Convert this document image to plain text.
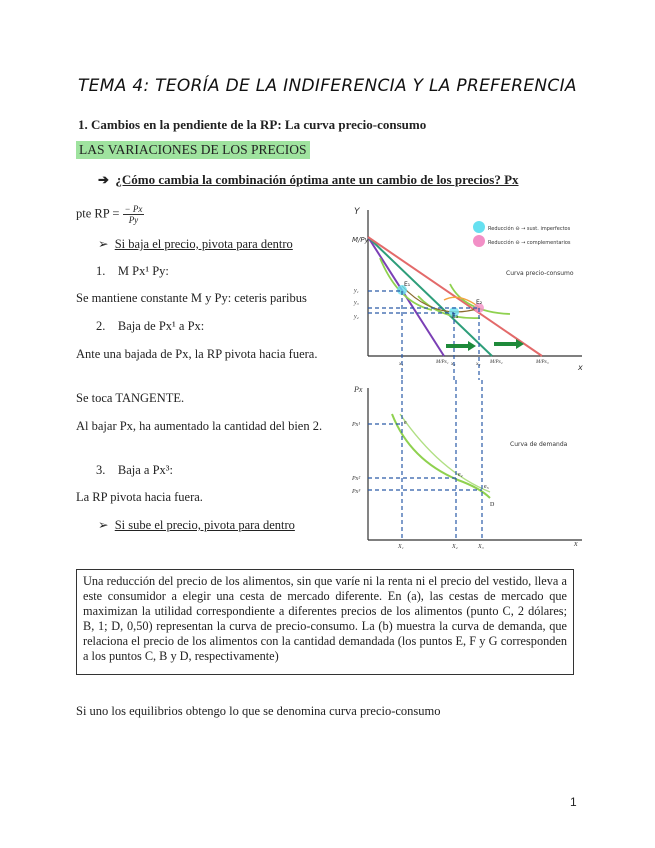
TEMA 4: TEORÍA DE LA INDIFERENCIA Y LA PREFERENCIA
1. Cambios en la pendiente de la RP: La curva precio-consumo
LAS VARIACIONES DE LOS PRECIOS
➔ ¿Cómo cambia la combinación óptima ante un cambio de los precios? Px
pte RP = $\frac{- Px}{Py}$
➢ Si baja el precio, pivota para dentro
1. M Px¹ Py:
Se mantiene constante M y Py: ceteris paribus
2. Baja de Px¹ a Px:
Ante una bajada de Px, la RP pivota hacia fuera.
Se toca TANGENTE.
Al bajar Px, ha aumentado la cantidad del bien 2.
3. Baja a Px³:
La RP pivota hacia fuera.
➢ Si sube el precio, pivota para dentro
Y
x
M/Py
Reducción ⊖ → sust. imperfectos
Reducción ⊖ → complementarios
Curva precio-consumo
E₁
E₂
E₃
y₁
y₃
y₂
x₁	x₃	x₂
M/Px₁	M/Px₂	M/Px₃
Px
x
Curva de demanda
Px¹
Px²
Px³
e
e₂
e₃
D
X₁	X₂	X₃
Una reducción del precio de los alimentos, sin que varíe ni la renta ni el precio del vestido, lleva a este consumidor a elegir una cesta de mercado diferente. En (a), las cestas de mercado que maximizan la utilidad correspondiente a diferentes precios de los alimentos (punto C, 2 dólares; B, 1; D, 0,50) representan la curva de precio-consumo. La (b) muestra la curva de demanda, que relaciona el precio de los alimentos con la cantidad demandada (los puntos E, F y G corresponden a los puntos C, B y D, respectivamente)
Si uno los equilibrios obtengo lo que se denomina curva precio-consumo
1
